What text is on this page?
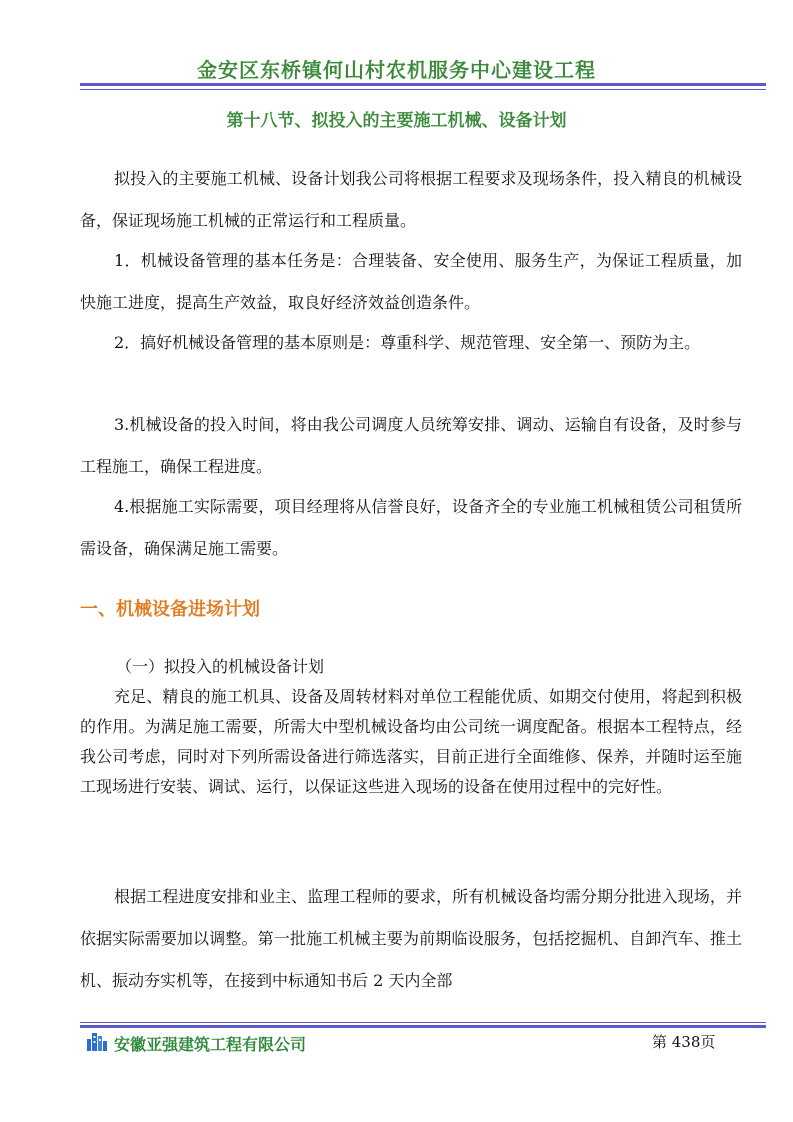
金安区东桥镇何山村农机服务中心建设工程
第十八节、拟投入的主要施工机械、设备计划

拟投入的主要施工机械、设备计划我公司将根据工程要求及现场条件，投入精良的机械设备，保证现场施工机械的正常运行和工程质量。

1．机械设备管理的基本任务是：合理装备、安全使用、服务生产，为保证工程质量，加快施工进度，提高生产效益，取良好经济效益创造条件。

2．搞好机械设备管理的基本原则是：尊重科学、规范管理、安全第一、预防为主。

3.机械设备的投入时间，将由我公司调度人员统筹安排、调动、运输自有设备，及时参与工程施工，确保工程进度。

4.根据施工实际需要，项目经理将从信誉良好，设备齐全的专业施工机械租赁公司租赁所需设备，确保满足施工需要。

一、机械设备进场计划
（一）拟投入的机械设备计划

充足、精良的施工机具、设备及周转材料对单位工程能优质、如期交付使用，将起到积极的作用。为满足施工需要，所需大中型机械设备均由公司统一调度配备。根据本工程特点，经我公司考虑，同时对下列所需设备进行筛选落实，目前正进行全面维修、保养，并随时运至施工现场进行安装、调试、运行，以保证这些进入现场的设备在使用过程中的完好性。

根据工程进度安排和业主、监理工程师的要求，所有机械设备均需分期分批进入现场，并依据实际需要加以调整。第一批施工机械主要为前期临设服务，包括挖掘机、自卸汽车、推土机、振动夯实机等，在接到中标通知书后 2 天内全部

安徽亚强建筑工程有限公司	第 438页
